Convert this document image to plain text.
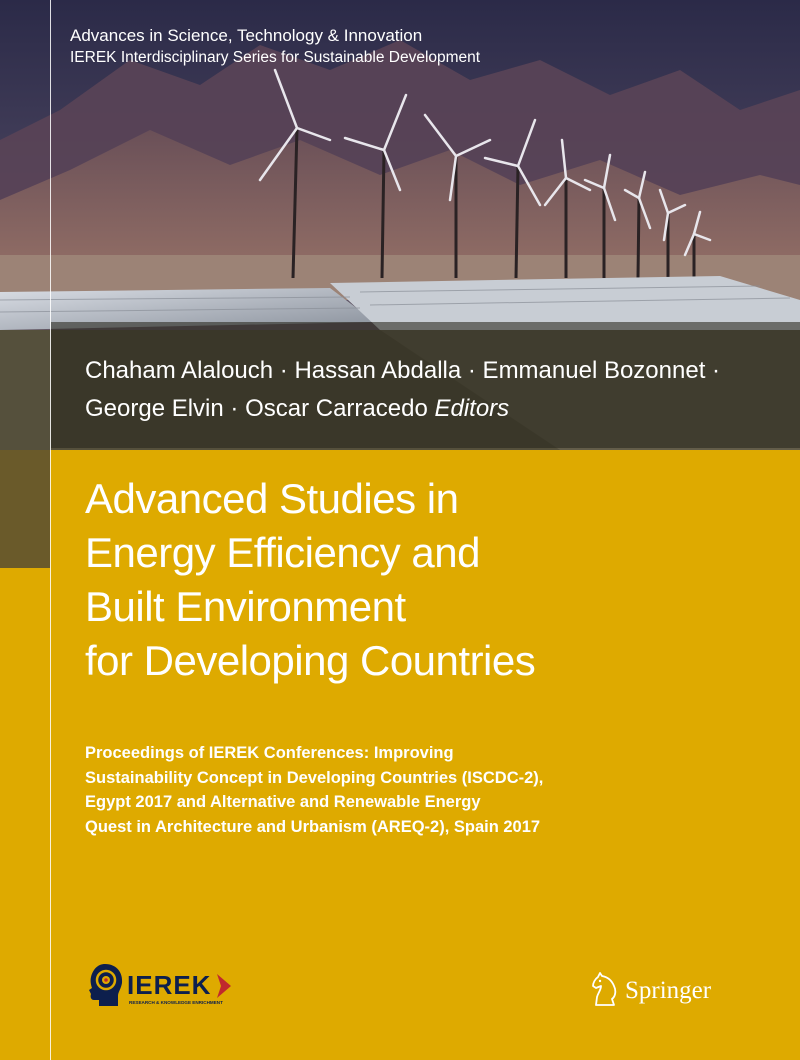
Advances in Science, Technology & Innovation
IEREK Interdisciplinary Series for Sustainable Development
Chaham Alalouch · Hassan Abdalla · Emmanuel Bozonnet ·
George Elvin · Oscar Carracedo Editors
Advanced Studies in
Energy Efficiency and
Built Environment
for Developing Countries
Proceedings of IEREK Conferences: Improving
Sustainability Concept in Developing Countries (ISCDC-2),
Egypt 2017 and Alternative and Renewable Energy
Quest in Architecture and Urbanism (AREQ-2), Spain 2017
IEREK
RESEARCH & KNOWLEDGE ENRICHMENT	Springer
